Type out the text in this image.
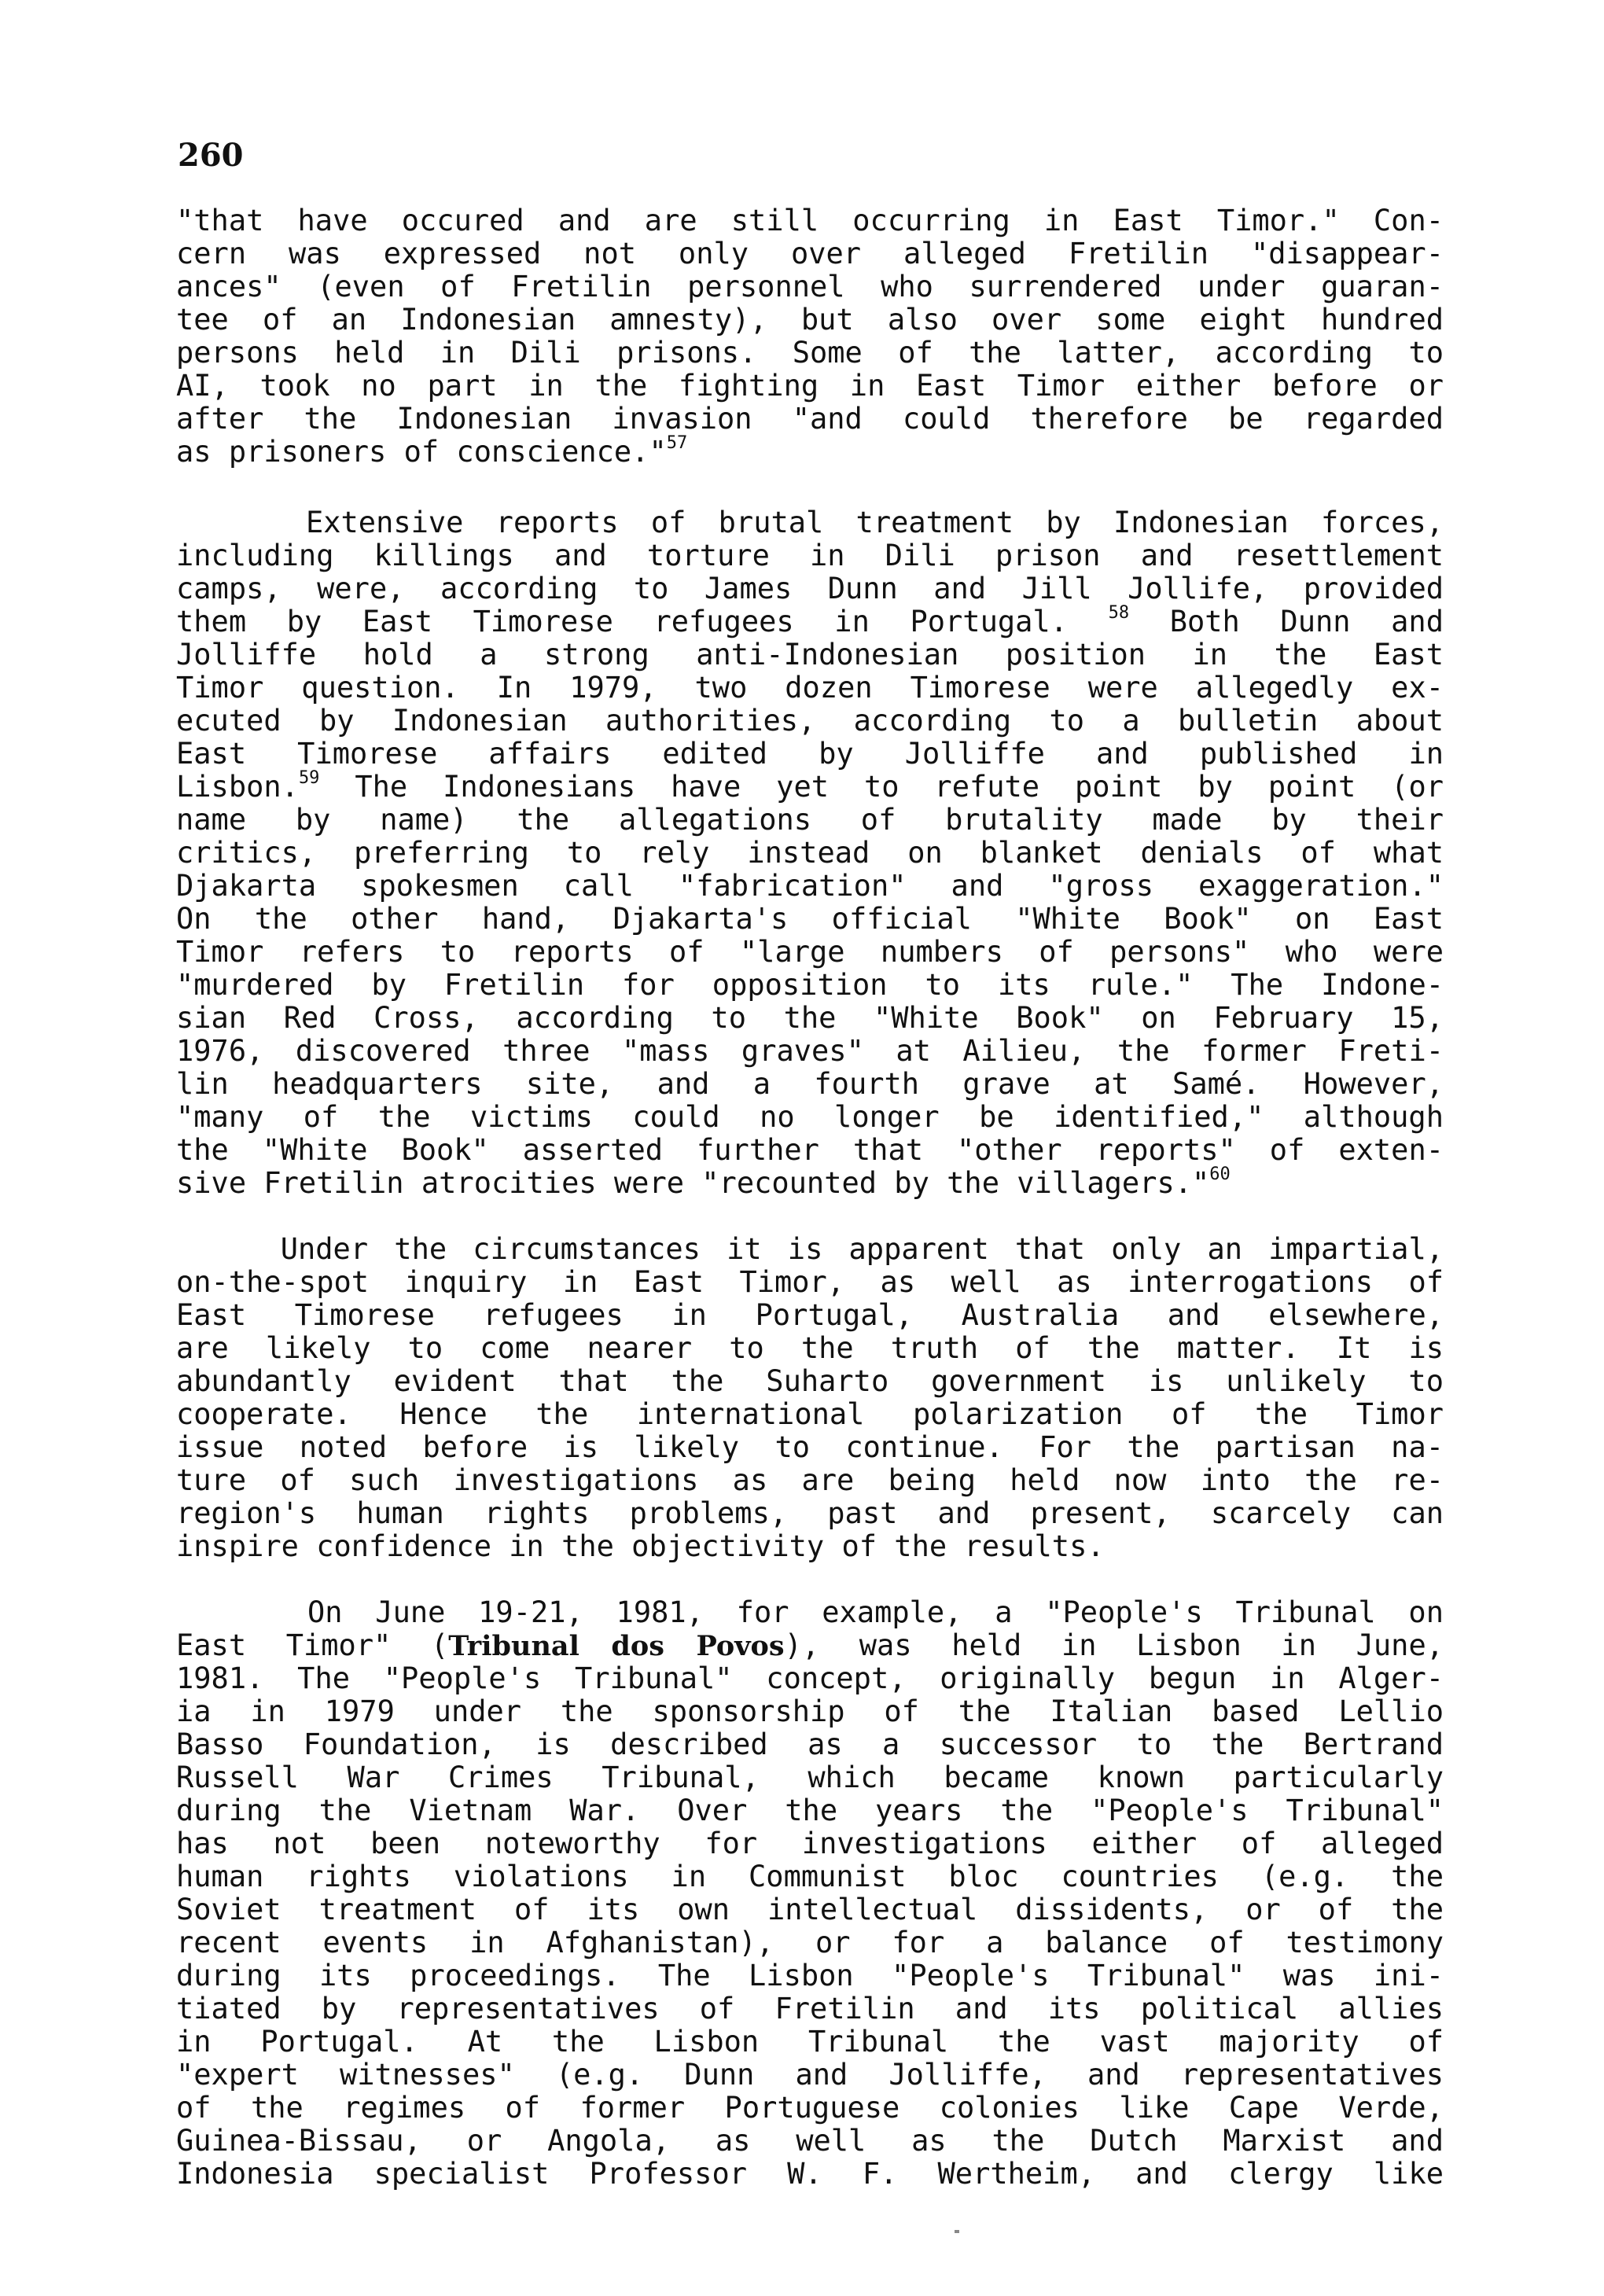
260
"that have occured and are still occurring in East Timor." Con-
cern was expressed not only over alleged Fretilin "disappear-
ances" (even of Fretilin personnel who surrendered under guaran-
tee of an Indonesian amnesty), but also over some eight hundred
persons held in Dili prisons. Some of the latter, according to
AI, took no part in the fighting in East Timor either before or
after the Indonesian invasion "and could therefore be regarded
as prisoners of conscience."$^{57}$
Extensive reports of brutal treatment by Indonesian forces,
including killings and torture in Dili prison and resettlement
camps, were, according to James Dunn and Jill Jollife, provided
them by East Timorese refugees in Portugal. $^{58}$ Both Dunn and
Jolliffe hold a strong anti-Indonesian position in the East
Timor question. In 1979, two dozen Timorese were allegedly ex-
ecuted by Indonesian authorities, according to a bulletin about
East Timorese affairs edited by Jolliffe and published in
Lisbon.$^{59}$ The Indonesians have yet to refute point by point (or
name by name) the allegations of brutality made by their
critics, preferring to rely instead on blanket denials of what
Djakarta spokesmen call "fabrication" and "gross exaggeration."
On the other hand, Djakarta's official "White Book" on East
Timor refers to reports of "large numbers of persons" who were
"murdered by Fretilin for opposition to its rule." The Indone-
sian Red Cross, according to the "White Book" on February 15,
1976, discovered three "mass graves" at Ailieu, the former Freti-
lin headquarters site, and a fourth grave at Samé. However,
"many of the victims could no longer be identified," although
the "White Book" asserted further that "other reports" of exten-
sive Fretilin atrocities were "recounted by the villagers."$^{60}$
Under the circumstances it is apparent that only an impartial,
on-the-spot inquiry in East Timor, as well as interrogations of
East Timorese refugees in Portugal, Australia and elsewhere,
are likely to come nearer to the truth of the matter. It is
abundantly evident that the Suharto government is unlikely to
cooperate. Hence the international polarization of the Timor
issue noted before is likely to continue. For the partisan na-
ture of such investigations as are being held now into the re-
region's human rights problems, past and present, scarcely can
inspire confidence in the objectivity of the results.
On June 19-21, 1981, for example, a "People's Tribunal on
East Timor" (Tribunal dos Povos), was held in Lisbon in June,
1981. The "People's Tribunal" concept, originally begun in Alger-
ia in 1979 under the sponsorship of the Italian based Lellio
Basso Foundation, is described as a successor to the Bertrand
Russell War Crimes Tribunal, which became known particularly
during the Vietnam War. Over the years the "People's Tribunal"
has not been noteworthy for investigations either of alleged
human rights violations in Communist bloc countries (e.g. the
Soviet treatment of its own intellectual dissidents, or of the
recent events in Afghanistan), or for a balance of testimony
during its proceedings. The Lisbon "People's Tribunal" was ini-
tiated by representatives of Fretilin and its political allies
in Portugal. At the Lisbon Tribunal the vast majority of
"expert witnesses" (e.g. Dunn and Jolliffe, and representatives
of the regimes of former Portuguese colonies like Cape Verde,
Guinea-Bissau, or Angola, as well as the Dutch Marxist and
Indonesia specialist Professor W. F. Wertheim, and clergy like
